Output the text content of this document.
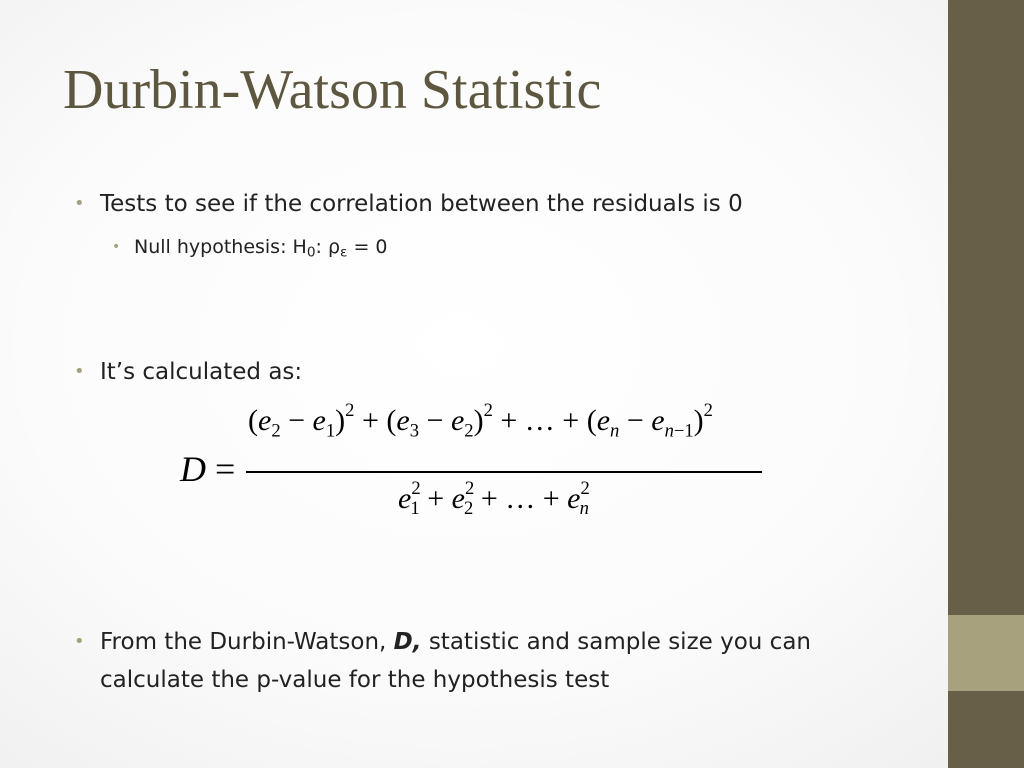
Durbin-Watson Statistic
• Tests to see if the correlation between the residuals is 0
• Null hypothesis: $H_0$: $\rho_\varepsilon = 0$
• It’s calculated as:
D =
$(e_2 - e_1)^2 + (e_3 - e_2)^2$ + … + $(e_n - e_{n-1})^2$
$e^2_1 + e^2_2$ + … + $e^2_n$
• From the Durbin-Watson, D, statistic and sample size you can calculate the p-value for the hypothesis test
